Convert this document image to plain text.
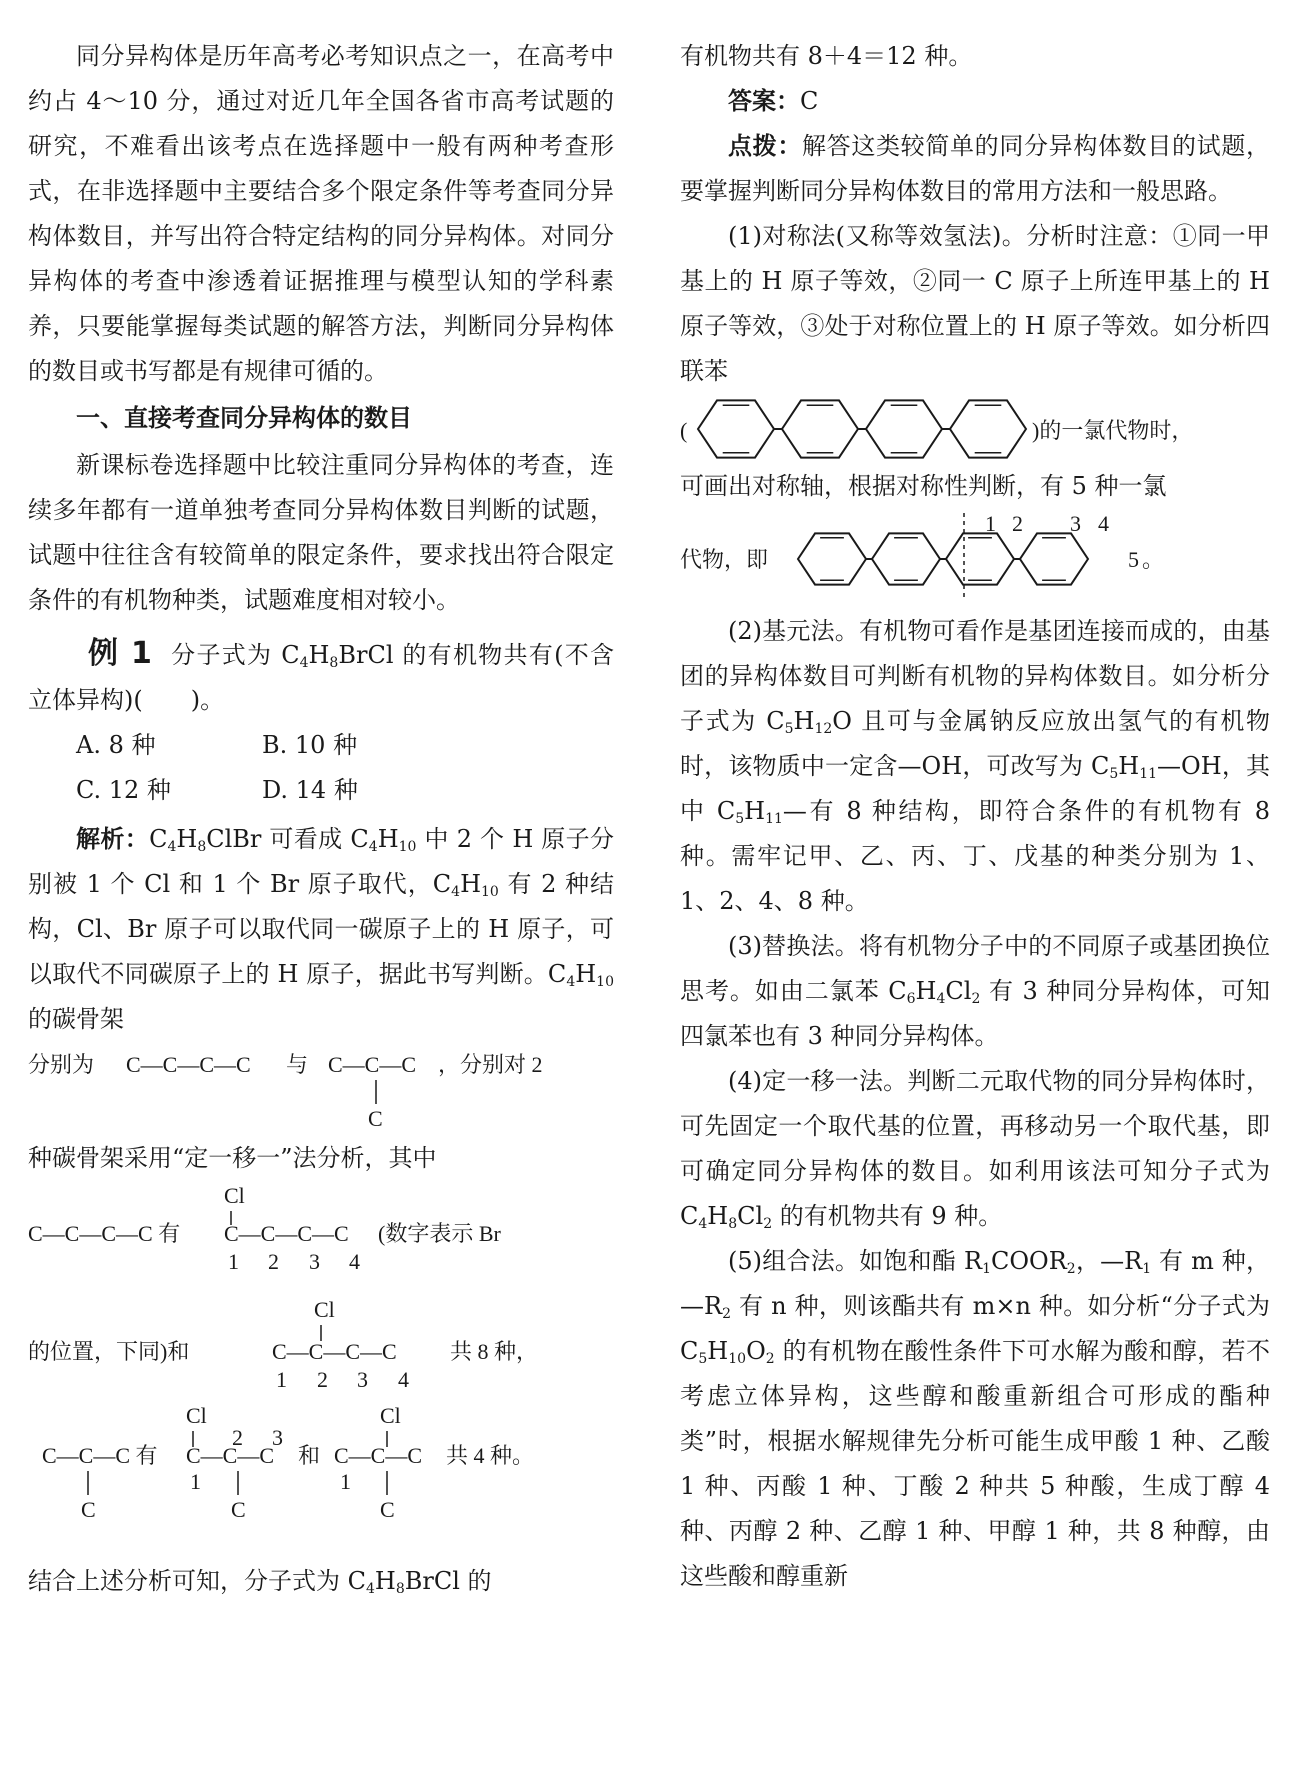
同分异构体是历年高考必考知识点之一，在高考中约占 4～10 分，通过对近几年全国各省市高考试题的研究，不难看出该考点在选择题中一般有两种考查形式，在非选择题中主要结合多个限定条件等考查同分异构体数目，并写出符合特定结构的同分异构体。对同分异构体的考查中渗透着证据推理与模型认知的学科素养，只要能掌握每类试题的解答方法，判断同分异构体的数目或书写都是有规律可循的。

一、直接考查同分异构体的数目

新课标卷选择题中比较注重同分异构体的考查，连续多年都有一道单独考查同分异构体数目判断的试题，试题中往往含有较简单的限定条件，要求找出符合限定条件的有机物种类，试题难度相对较小。

例 1 分子式为 $C_4H_8BrCl$ 的有机物共有(不含立体异构)(　　)。

A. 8 种	B. 10 种
C. 12 种	D. 14 种

解析：$C_4H_8ClBr$ 可看成 $C_4H_{10}$ 中 2 个 H 原子分别被 1 个 Cl 和 1 个 Br 原子取代，$C_4H_{10}$ 有 2 种结构，Cl、Br 原子可以取代同一碳原子上的 H 原子，可以取代不同碳原子上的 H 原子，据此书写判断。$C_4H_{10}$ 的碳骨架

分别为 C—C—C—C 与 C—C—C
C
，分别对 2

种碳骨架采用“定一移一”法分析，其中

C—C—C—C 有
Cl
C—C—C—C
1 2 3 4
(数字表示 Br

的位置，下同)和
Cl
C—C—C—C
1 2 3 4
共 8 种，

C—C—C 有
C
Cl
2 3
C—C—C
1
C
和
Cl
C—C—C
1
C
共 4 种。

结合上述分析可知，分子式为 $C_4H_8BrCl$ 的

有机物共有 8＋4＝12 种。

答案：C

点拨：解答这类较简单的同分异构体数目的试题，要掌握判断同分异构体数目的常用方法和一般思路。

(1)对称法(又称等效氢法)。分析时注意：①同一甲基上的 H 原子等效，②同一 C 原子上所连甲基上的 H 原子等效，③处于对称位置上的 H 原子等效。如分析四联苯

(	)的一氯代物时，

可画出对称轴，根据对称性判断，有 5 种一氯

代物，即
1 2 3 4
5 。

(2)基元法。有机物可看作是基团连接而成的，由基团的异构体数目可判断有机物的异构体数目。如分析分子式为 $C_5H_{12}O$ 且可与金属钠反应放出氢气的有机物时，该物质中一定含—OH，可改写为 $C_5H_{11}—OH$，其中 $C_5H_{11}—$有 8 种结构，即符合条件的有机物有 8 种。需牢记甲、乙、丙、丁、戊基的种类分别为 1、1、2、4、8 种。

(3)替换法。将有机物分子中的不同原子或基团换位思考。如由二氯苯 $C_6H_4Cl_2$ 有 3 种同分异构体，可知四氯苯也有 3 种同分异构体。

(4)定一移一法。判断二元取代物的同分异构体时，可先固定一个取代基的位置，再移动另一个取代基，即可确定同分异构体的数目。如利用该法可知分子式为 $C_4H_8Cl_2$ 的有机物共有 9 种。

(5)组合法。如饱和酯 $R_1COOR_2$，$—R_1$ 有 m 种，$—R_2$ 有 n 种，则该酯共有 m×n 种。如分析“分子式为 $C_5H_{10}O_2$ 的有机物在酸性条件下可水解为酸和醇，若不考虑立体异构，这些醇和酸重新组合可形成的酯种类”时，根据水解规律先分析可能生成甲酸 1 种、乙酸 1 种、丙酸 1 种、丁酸 2 种共 5 种酸，生成丁醇 4 种、丙醇 2 种、乙醇 1 种、甲醇 1 种，共 8 种醇，由这些酸和醇重新
